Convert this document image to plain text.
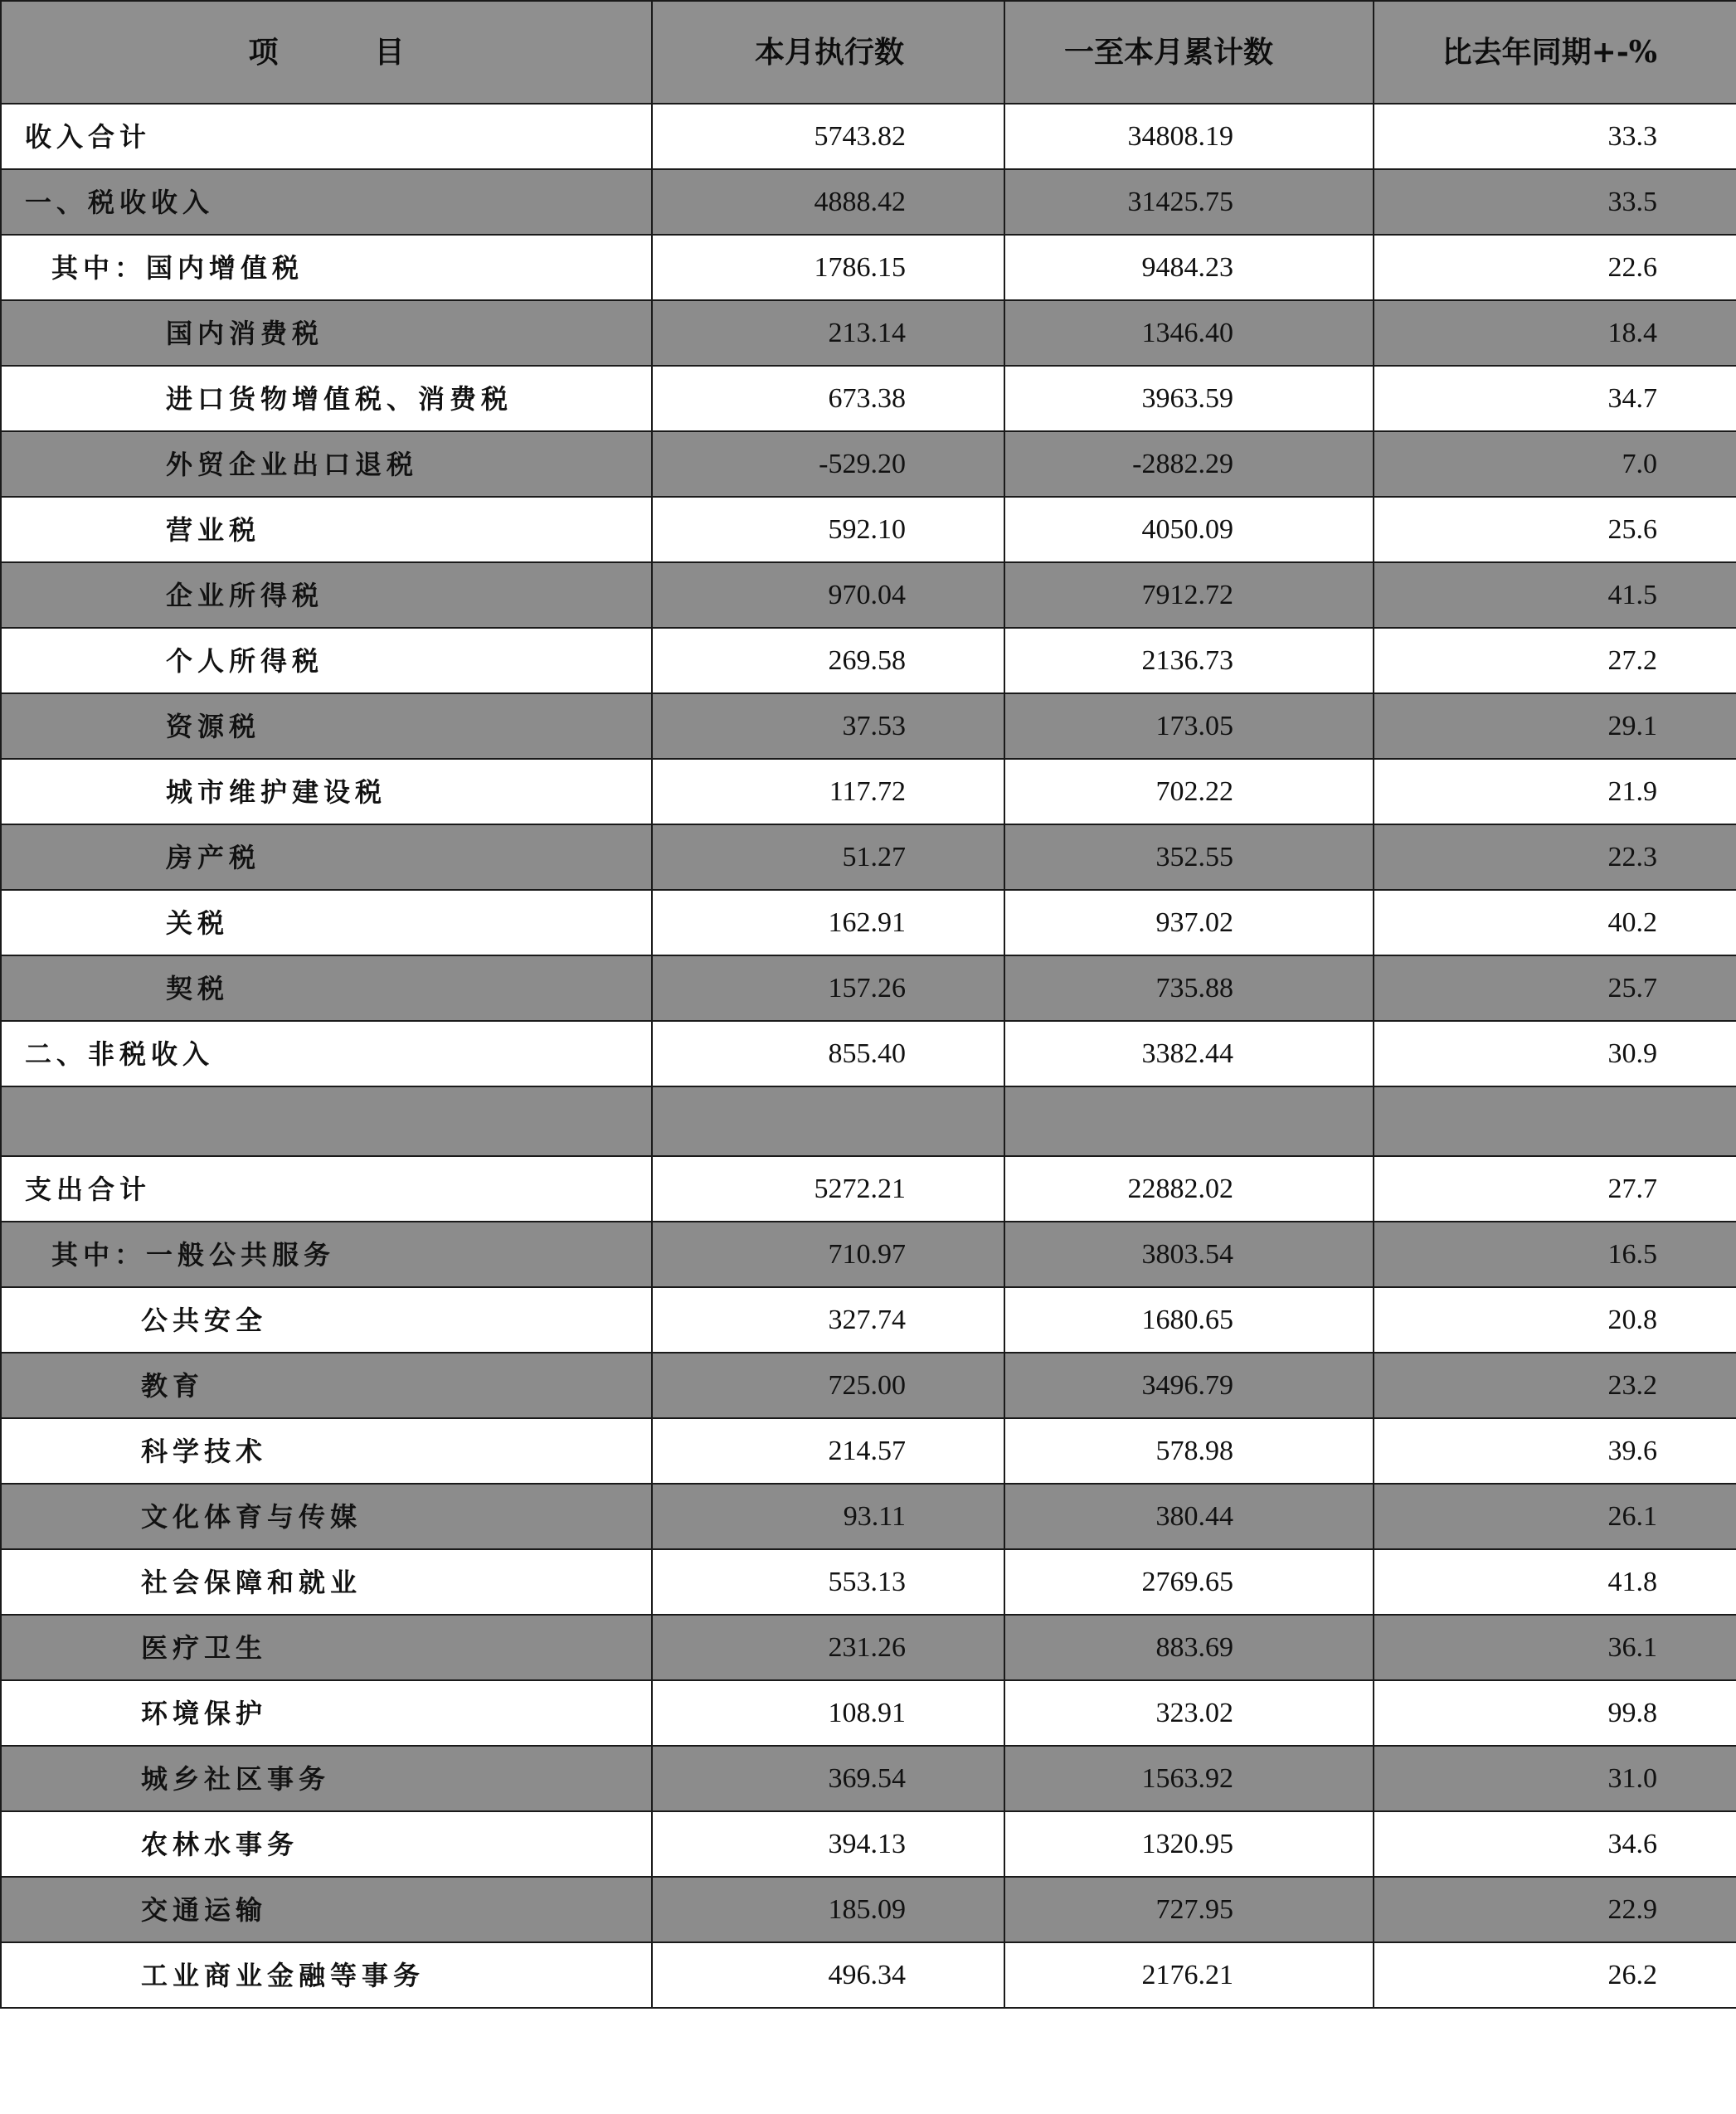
项　目	本月执行数	一至本月累计数	比去年同期+-%
收入合计	5743.82	34808.19	33.3
一、税收收入	4888.42	31425.75	33.5
其中：国内增值税	1786.15	9484.23	22.6
国内消费税	213.14	1346.40	18.4
进口货物增值税、消费税	673.38	3963.59	34.7
外贸企业出口退税	-529.20	-2882.29	7.0
营业税	592.10	4050.09	25.6
企业所得税	970.04	7912.72	41.5
个人所得税	269.58	2136.73	27.2
资源税	37.53	173.05	29.1
城市维护建设税	117.72	702.22	21.9
房产税	51.27	352.55	22.3
关税	162.91	937.02	40.2
契税	157.26	735.88	25.7
二、非税收入	855.40	3382.44	30.9

支出合计	5272.21	22882.02	27.7
其中：一般公共服务	710.97	3803.54	16.5
公共安全	327.74	1680.65	20.8
教育	725.00	3496.79	23.2
科学技术	214.57	578.98	39.6
文化体育与传媒	93.11	380.44	26.1
社会保障和就业	553.13	2769.65	41.8
医疗卫生	231.26	883.69	36.1
环境保护	108.91	323.02	99.8
城乡社区事务	369.54	1563.92	31.0
农林水事务	394.13	1320.95	34.6
交通运输	185.09	727.95	22.9
工业商业金融等事务	496.34	2176.21	26.2
